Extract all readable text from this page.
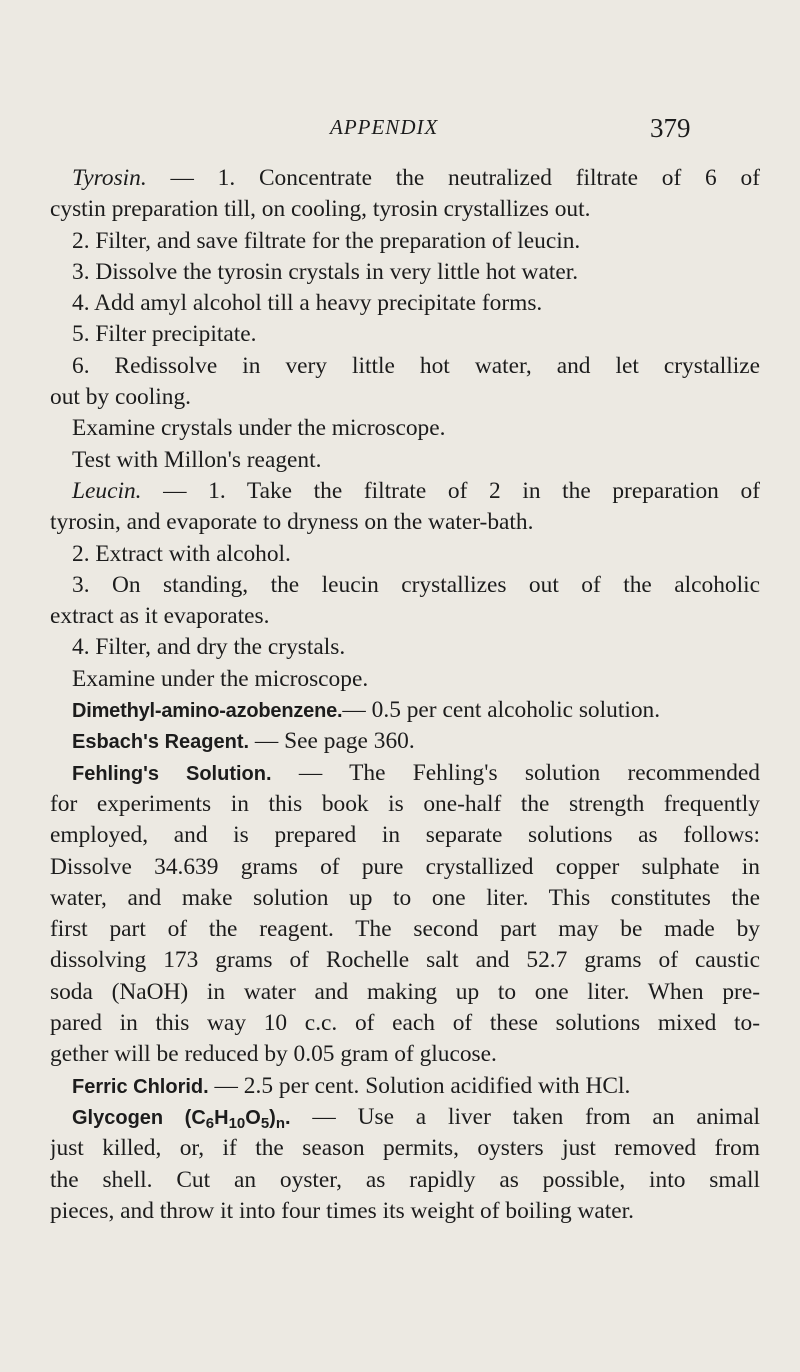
APPENDIX	379
Tyrosin. — 1. Concentrate the neutralized filtrate of 6 of
cystin preparation till, on cooling, tyrosin crystallizes out.
2. Filter, and save filtrate for the preparation of leucin.
3. Dissolve the tyrosin crystals in very little hot water.
4. Add amyl alcohol till a heavy precipitate forms.
5. Filter precipitate.
6. Redissolve in very little hot water, and let crystallize
out by cooling.
Examine crystals under the microscope.
Test with Millon's reagent.
Leucin. — 1. Take the filtrate of 2 in the preparation of
tyrosin, and evaporate to dryness on the water-bath.
2. Extract with alcohol.
3. On standing, the leucin crystallizes out of the alcoholic
extract as it evaporates.
4. Filter, and dry the crystals.
Examine under the microscope.
Dimethyl-amino-azobenzene.— 0.5 per cent alcoholic solution.
Esbach's Reagent. — See page 360.
Fehling's Solution. — The Fehling's solution recommended
for experiments in this book is one-half the strength frequently
employed, and is prepared in separate solutions as follows:
Dissolve 34.639 grams of pure crystallized copper sulphate in
water, and make solution up to one liter. This constitutes the
first part of the reagent. The second part may be made by
dissolving 173 grams of Rochelle salt and 52.7 grams of caustic
soda (NaOH) in water and making up to one liter. When pre-
pared in this way 10 c.c. of each of these solutions mixed to-
gether will be reduced by 0.05 gram of glucose.
Ferric Chlorid. — 2.5 per cent. Solution acidified with HCl.
Glycogen $(C_6H_{10}O_5)_n$. — Use a liver taken from an animal
just killed, or, if the season permits, oysters just removed from
the shell. Cut an oyster, as rapidly as possible, into small
pieces, and throw it into four times its weight of boiling water.
